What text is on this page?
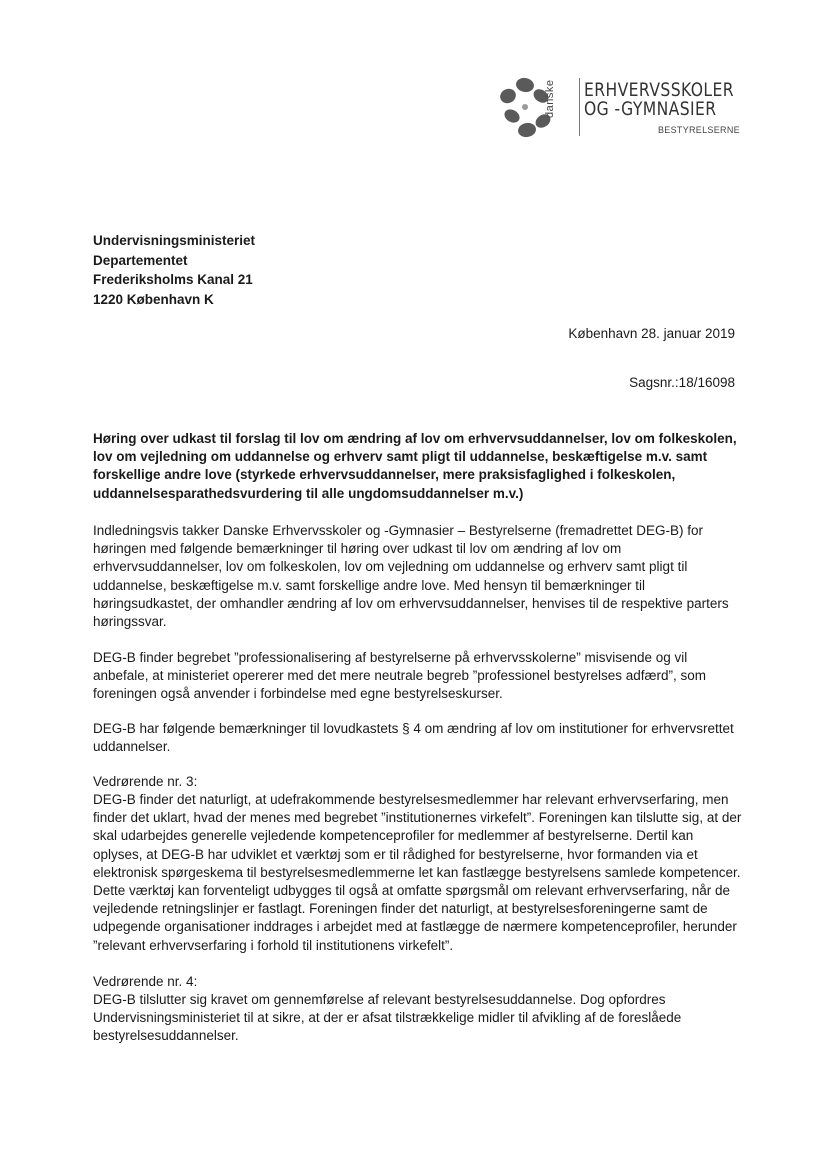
danske ERHVERVSSKOLER
OG -GYMNASIER
BESTYRELSERNE
Undervisningsministeriet
Departementet
Frederiksholms Kanal 21
1220 København K
København 28. januar 2019
Sagsnr.:18/16098
Høring over udkast til forslag til lov om ændring af lov om erhvervsuddannelser, lov om folkeskolen, lov om vejledning om uddannelse og erhverv samt pligt til uddannelse, beskæftigelse m.v. samt forskellige andre love (styrkede erhvervsuddannelser, mere praksisfaglighed i folkeskolen, uddannelsesparathedsvurdering til alle ungdomsuddannelser m.v.)
Indledningsvis takker Danske Erhvervsskoler og -Gymnasier – Bestyrelserne (fremadrettet DEG-B) for høringen med følgende bemærkninger til høring over udkast til lov om ændring af lov om erhvervsuddannelser, lov om folkeskolen, lov om vejledning om uddannelse og erhverv samt pligt til uddannelse, beskæftigelse m.v. samt forskellige andre love. Med hensyn til bemærkninger til høringsudkastet, der omhandler ændring af lov om erhvervsuddannelser, henvises til de respektive parters høringssvar.
DEG-B finder begrebet ”professionalisering af bestyrelserne på erhvervsskolerne” misvisende og vil anbefale, at ministeriet opererer med det mere neutrale begreb ”professionel bestyrelses adfærd”, som foreningen også anvender i forbindelse med egne bestyrelseskurser.
DEG-B har følgende bemærkninger til lovudkastets § 4 om ændring af lov om institutioner for erhvervsrettet uddannelser.
Vedrørende nr. 3:
DEG-B finder det naturligt, at udefrakommende bestyrelsesmedlemmer har relevant erhvervserfaring, men finder det uklart, hvad der menes med begrebet ”institutionernes virkefelt”. Foreningen kan tilslutte sig, at der skal udarbejdes generelle vejledende kompetenceprofiler for medlemmer af bestyrelserne. Dertil kan oplyses, at DEG-B har udviklet et værktøj som er til rådighed for bestyrelserne, hvor formanden via et elektronisk spørgeskema til bestyrelsesmedlemmerne let kan fastlægge bestyrelsens samlede kompetencer. Dette værktøj kan forventeligt udbygges til også at omfatte spørgsmål om relevant erhvervserfaring, når de vejledende retningslinjer er fastlagt. Foreningen finder det naturligt, at bestyrelsesforeningerne samt de udpegende organisationer inddrages i arbejdet med at fastlægge de nærmere kompetenceprofiler, herunder ”relevant erhvervserfaring i forhold til institutionens virkefelt”.
Vedrørende nr. 4:
DEG-B tilslutter sig kravet om gennemførelse af relevant bestyrelsesuddannelse. Dog opfordres Undervisningsministeriet til at sikre, at der er afsat tilstrækkelige midler til afvikling af de foreslåede bestyrelsesuddannelser.
